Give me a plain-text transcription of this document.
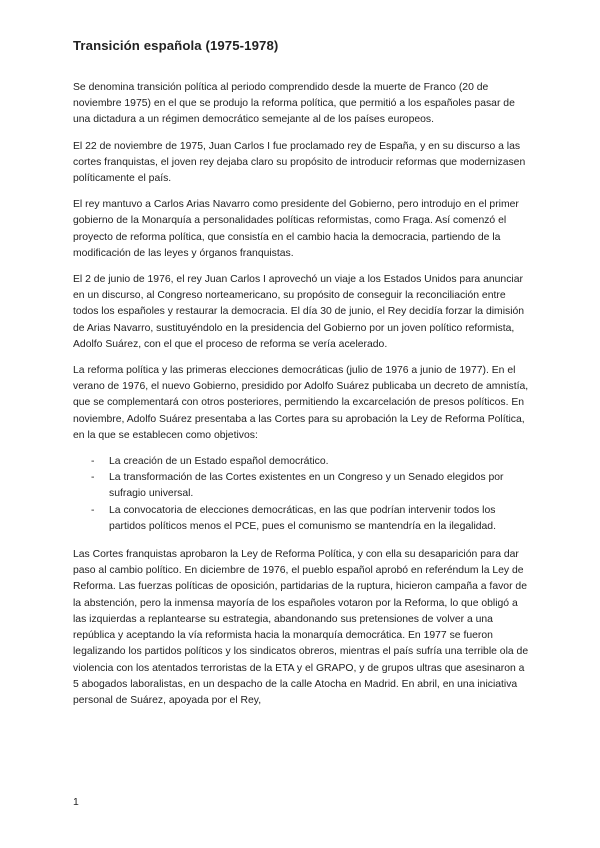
Transición española (1975-1978)

Se denomina transición política al periodo comprendido desde la muerte de Franco (20 de noviembre 1975) en el que se produjo la reforma política, que permitió a los españoles pasar de una dictadura a un régimen democrático semejante al de los países europeos.

El 22 de noviembre de 1975, Juan Carlos I fue proclamado rey de España, y en su discurso a las cortes franquistas, el joven rey dejaba claro su propósito de introducir reformas que modernizasen políticamente el país.

El rey mantuvo a Carlos Arias Navarro como presidente del Gobierno, pero introdujo en el primer gobierno de la Monarquía a personalidades políticas reformistas, como Fraga. Así comenzó el proyecto de reforma política, que consistía en el cambio hacia la democracia, partiendo de la modificación de las leyes y órganos franquistas.

El 2 de junio de 1976, el rey Juan Carlos I aprovechó un viaje a los Estados Unidos para anunciar en un discurso, al Congreso norteamericano, su propósito de conseguir la reconciliación entre todos los españoles y restaurar la democracia. El día 30 de junio, el Rey decidía forzar la dimisión de Arias Navarro, sustituyéndolo en la presidencia del Gobierno por un joven político reformista, Adolfo Suárez, con el que el proceso de reforma se vería acelerado.

La reforma política y las primeras elecciones democráticas (julio de 1976 a junio de 1977). En el verano de 1976, el nuevo Gobierno, presidido por Adolfo Suárez publicaba un decreto de amnistía, que se complementará con otros posteriores, permitiendo la excarcelación de presos políticos. En noviembre, Adolfo Suárez presentaba a las Cortes para su aprobación la Ley de Reforma Política, en la que se establecen como objetivos:

- La creación de un Estado español democrático.
- La transformación de las Cortes existentes en un Congreso y un Senado elegidos por sufragio universal.
- La convocatoria de elecciones democráticas, en las que podrían intervenir todos los partidos políticos menos el PCE, pues el comunismo se mantendría en la ilegalidad.

Las Cortes franquistas aprobaron la Ley de Reforma Política, y con ella su desaparición para dar paso al cambio político. En diciembre de 1976, el pueblo español aprobó en referéndum la Ley de Reforma. Las fuerzas políticas de oposición, partidarias de la ruptura, hicieron campaña a favor de la abstención, pero la inmensa mayoría de los españoles votaron por la Reforma, lo que obligó a las izquierdas a replantearse su estrategia, abandonando sus pretensiones de volver a una república y aceptando la vía reformista hacia la monarquía democrática. En 1977 se fueron legalizando los partidos políticos y los sindicatos obreros, mientras el país sufría una terrible ola de violencia con los atentados terroristas de la ETA y el GRAPO, y de grupos ultras que asesinaron a 5 abogados laboralistas, en un despacho de la calle Atocha en Madrid. En abril, en una iniciativa personal de Suárez, apoyada por el Rey,

1
